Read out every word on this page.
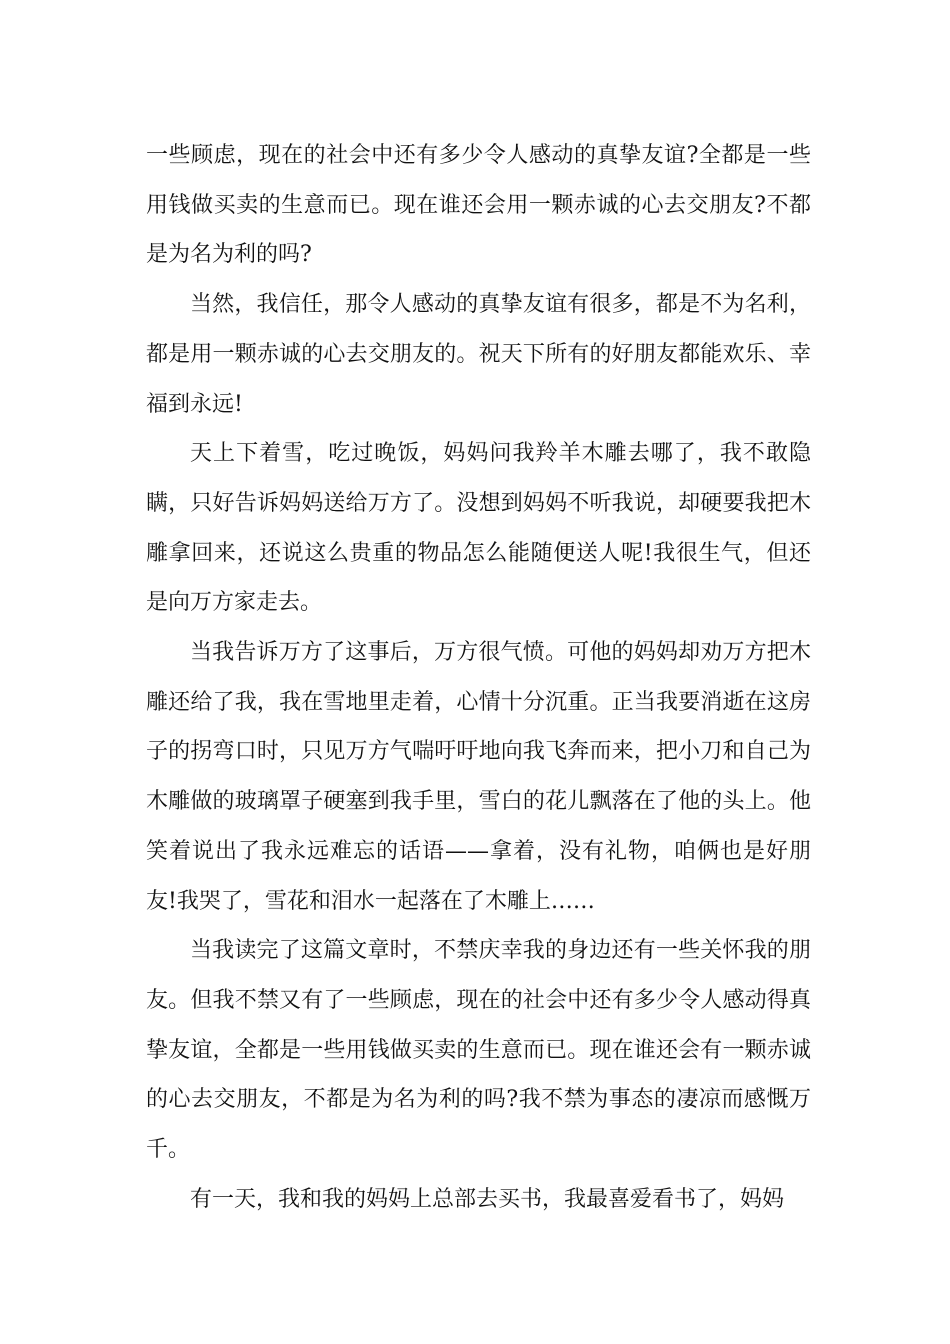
一些顾虑，现在的社会中还有多少令人感动的真挚友谊?全都是一些用钱做买卖的生意而已。现在谁还会用一颗赤诚的心去交朋友?不都是为名为利的吗?

当然，我信任，那令人感动的真挚友谊有很多，都是不为名利，都是用一颗赤诚的心去交朋友的。祝天下所有的好朋友都能欢乐、幸福到永远!

天上下着雪，吃过晚饭，妈妈问我羚羊木雕去哪了，我不敢隐瞒，只好告诉妈妈送给万方了。没想到妈妈不听我说，却硬要我把木雕拿回来，还说这么贵重的物品怎么能随便送人呢!我很生气，但还是向万方家走去。

当我告诉万方了这事后，万方很气愤。可他的妈妈却劝万方把木雕还给了我，我在雪地里走着，心情十分沉重。正当我要消逝在这房子的拐弯口时，只见万方气喘吁吁地向我飞奔而来，把小刀和自己为木雕做的玻璃罩子硬塞到我手里，雪白的花儿飘落在了他的头上。他笑着说出了我永远难忘的话语——拿着，没有礼物，咱俩也是好朋友!我哭了，雪花和泪水一起落在了木雕上……

当我读完了这篇文章时，不禁庆幸我的身边还有一些关怀我的朋友。但我不禁又有了一些顾虑，现在的社会中还有多少令人感动得真挚友谊，全都是一些用钱做买卖的生意而已。现在谁还会有一颗赤诚的心去交朋友，不都是为名为利的吗?我不禁为事态的凄凉而感慨万千。

有一天，我和我的妈妈上总部去买书，我最喜爱看书了，妈妈
